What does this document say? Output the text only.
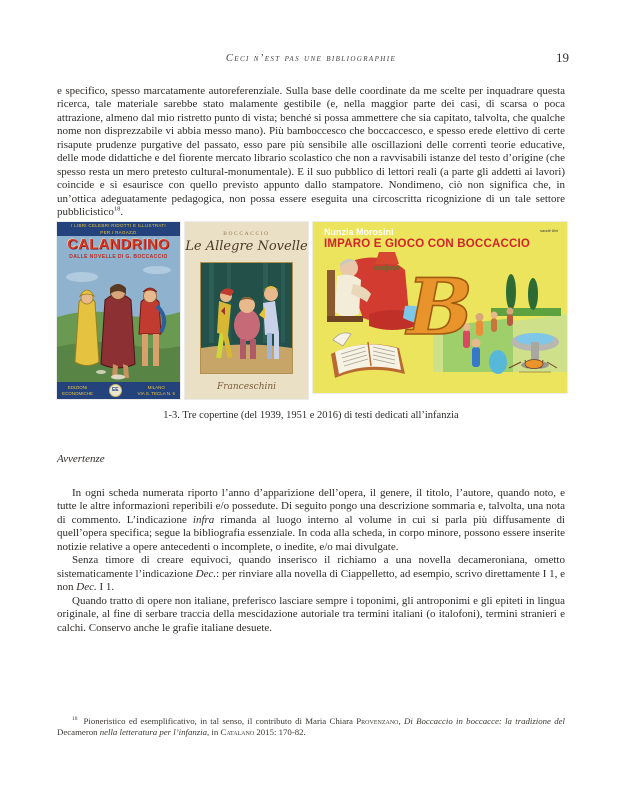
Ceci n’est pas une bibliographie	19
e specifico, spesso marcatamente autoreferenziale. Sulla base delle coordinate da me scelte per inquadrare questa ricerca, tale materiale sarebbe stato malamente gestibile (e, nella maggior parte dei casi, di scarsa o poca attrazione, almeno dal mio ristretto punto di vista; benché si possa ammettere che sia capitato, talvolta, che qualche nome non disprezzabile vi abbia messo mano). Più bamboccesco che boccaccesco, e spesso erede elettivo di certe risapute prudenze purgative del passato, esso pare più sensibile alle oscillazioni delle correnti teorie educative, delle mode didattiche e del fiorente mercato librario scolastico che non a ravvisabili istanze del testo d’origine (che spesso resta un mero pretesto cultural-monumentale). E il suo pubblico di lettori reali (a parte gli addetti ai lavori) coincide e si esaurisce con quello previsto appunto dallo stampatore. Nondimeno, ciò non significa che, in un’ottica adeguatamente pedagogica, non possa essere eseguita una circoscritta ricognizione di un tale settore pubblicistico$^{18}$.
I LIBRI CELEBRI RIDOTTI E ILLUSTRATI
PER I RAGAZZI
CALANDRINO
DALLE NOVELLE DI G. BOCCACCIO
EDIZIONI
ECONOMICHE
EE	MILANO
VIA S. TECLA N. 6
BOCCACCIO
Le Allegre Novelle
Franceschini
B
Nunzia Morosini	sandit libri
IMPARO E GIOCO CON BOCCACCIO
1-3. Tre copertine (del 1939, 1951 e 2016) di testi dedicati all’infanzia
Avvertenze

In ogni scheda numerata riporto l’anno d’apparizione dell’opera, il genere, il titolo, l’autore, quando noto, e tutte le altre informazioni reperibili e/o possedute. Di seguito pongo una descrizione sommaria e, talvolta, una nota di commento. L’indicazione infra rimanda al luogo interno al volume in cui si parla più diffusamente di quell’opera specifica; segue la bibliografia essenziale. In coda alla scheda, in corpo minore, possono essere inserite notizie relative a opere antecedenti o incomplete, o inedite, e/o mai divulgate.

Senza timore di creare equivoci, quando inserisco il richiamo a una novella decameroniana, ometto sistematicamente l’indicazione Dec.: per rinviare alla novella di Ciappelletto, ad esempio, scrivo direttamente I 1, e non Dec. I 1.

Quando tratto di opere non italiane, preferisco lasciare sempre i toponimi, gli antroponimi e gli epiteti in lingua originale, al fine di serbare traccia della mescidazione autoriale tra termini italiani (o italofoni), termini stranieri e calchi. Conservo anche le grafie italiane desuete.

$^{18}$ Pioneristico ed esemplificativo, in tal senso, il contributo di Maria Chiara Provenzano, Di Boccaccio in boccacce: la tradizione del Decameron nella letteratura per l’infanzia, in Catalano 2015: 170-82.
